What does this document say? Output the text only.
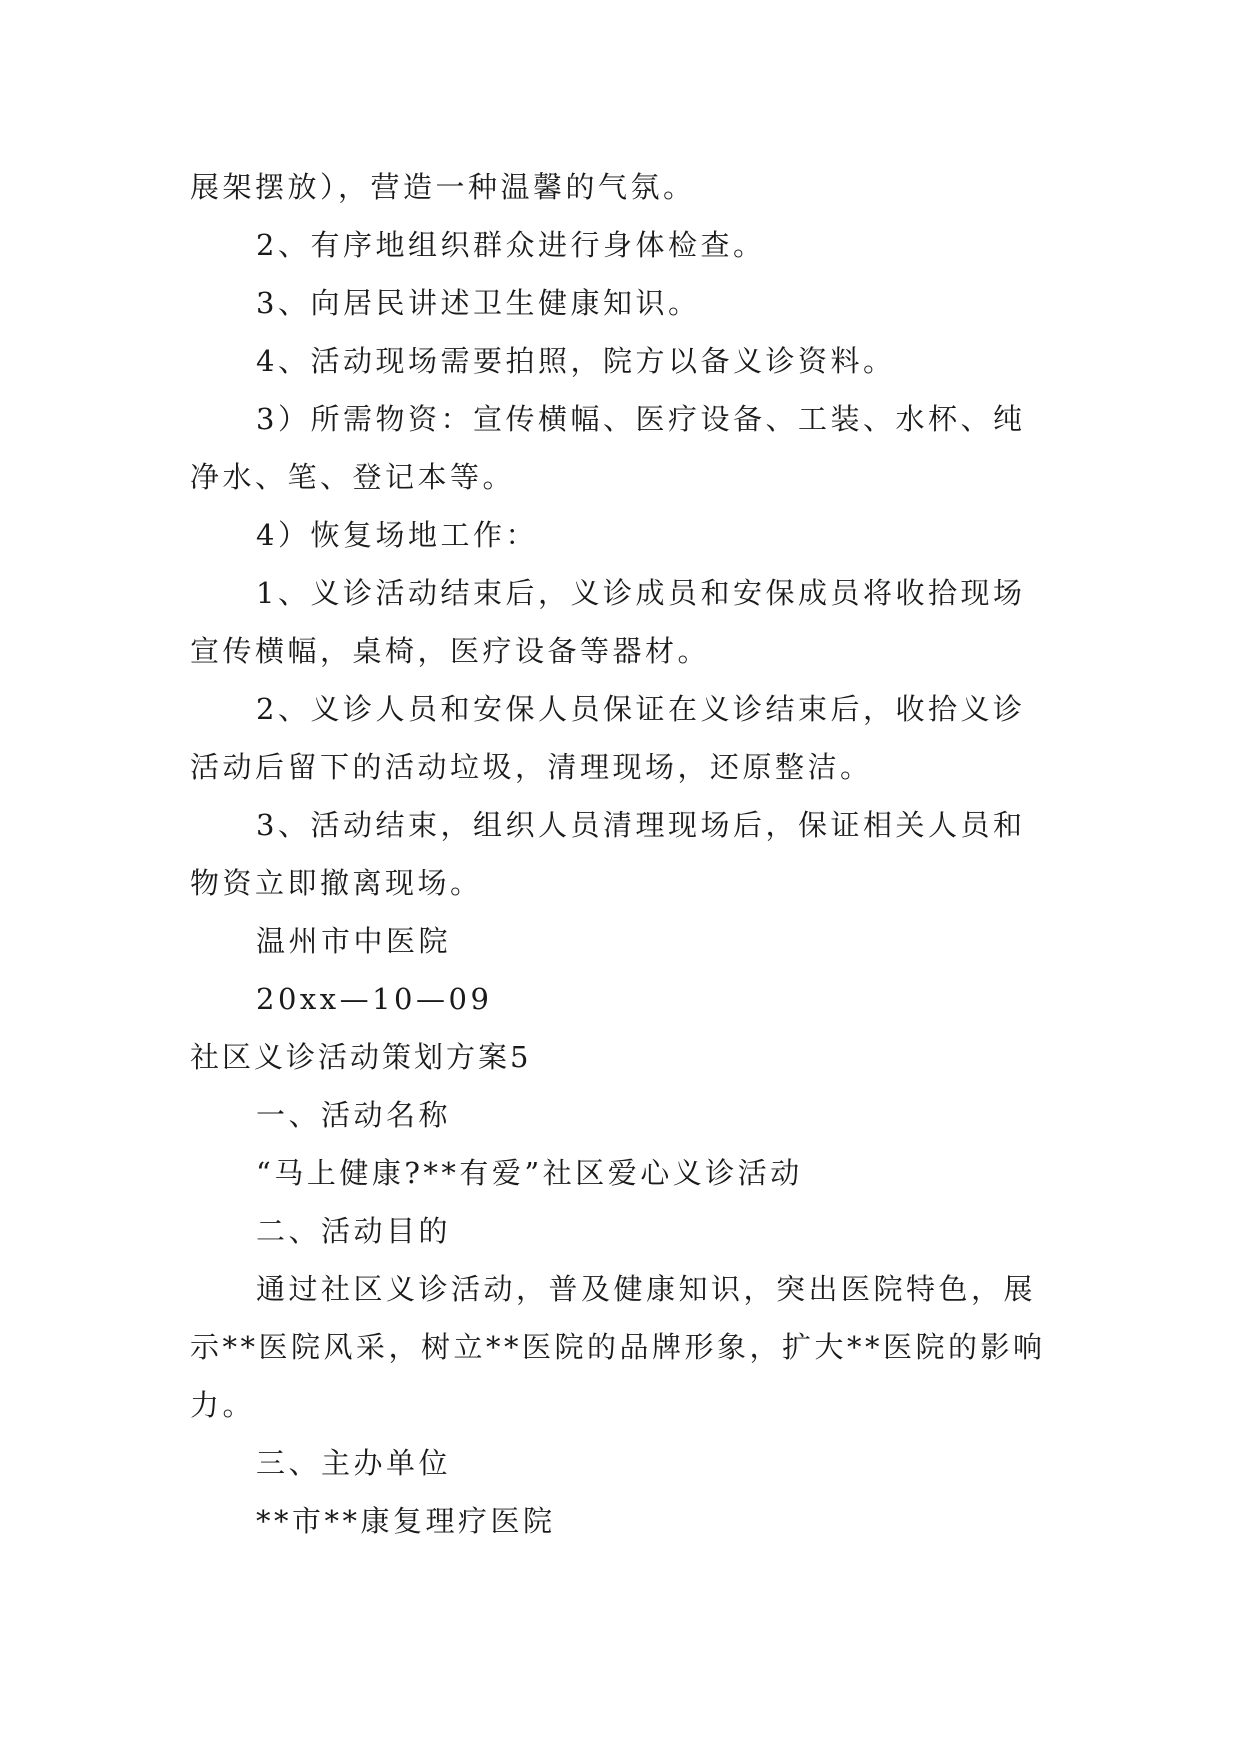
展架摆放），营造一种温馨的气氛。
2、有序地组织群众进行身体检查。
3、向居民讲述卫生健康知识。
4、活动现场需要拍照，院方以备义诊资料。
3）所需物资：宣传横幅、医疗设备、工装、水杯、纯
净水、笔、登记本等。
4）恢复场地工作：
1、义诊活动结束后，义诊成员和安保成员将收拾现场
宣传横幅，桌椅，医疗设备等器材。
2、义诊人员和安保人员保证在义诊结束后，收拾义诊
活动后留下的活动垃圾，清理现场，还原整洁。
3、活动结束，组织人员清理现场后，保证相关人员和
物资立即撤离现场。
温州市中医院
20xx—10—09
社区义诊活动策划方案5
一、活动名称
“马上健康?**有爱”社区爱心义诊活动
二、活动目的
通过社区义诊活动，普及健康知识，突出医院特色，展
示**医院风采，树立**医院的品牌形象，扩大**医院的影响
力。
三、主办单位
**市**康复理疗医院
